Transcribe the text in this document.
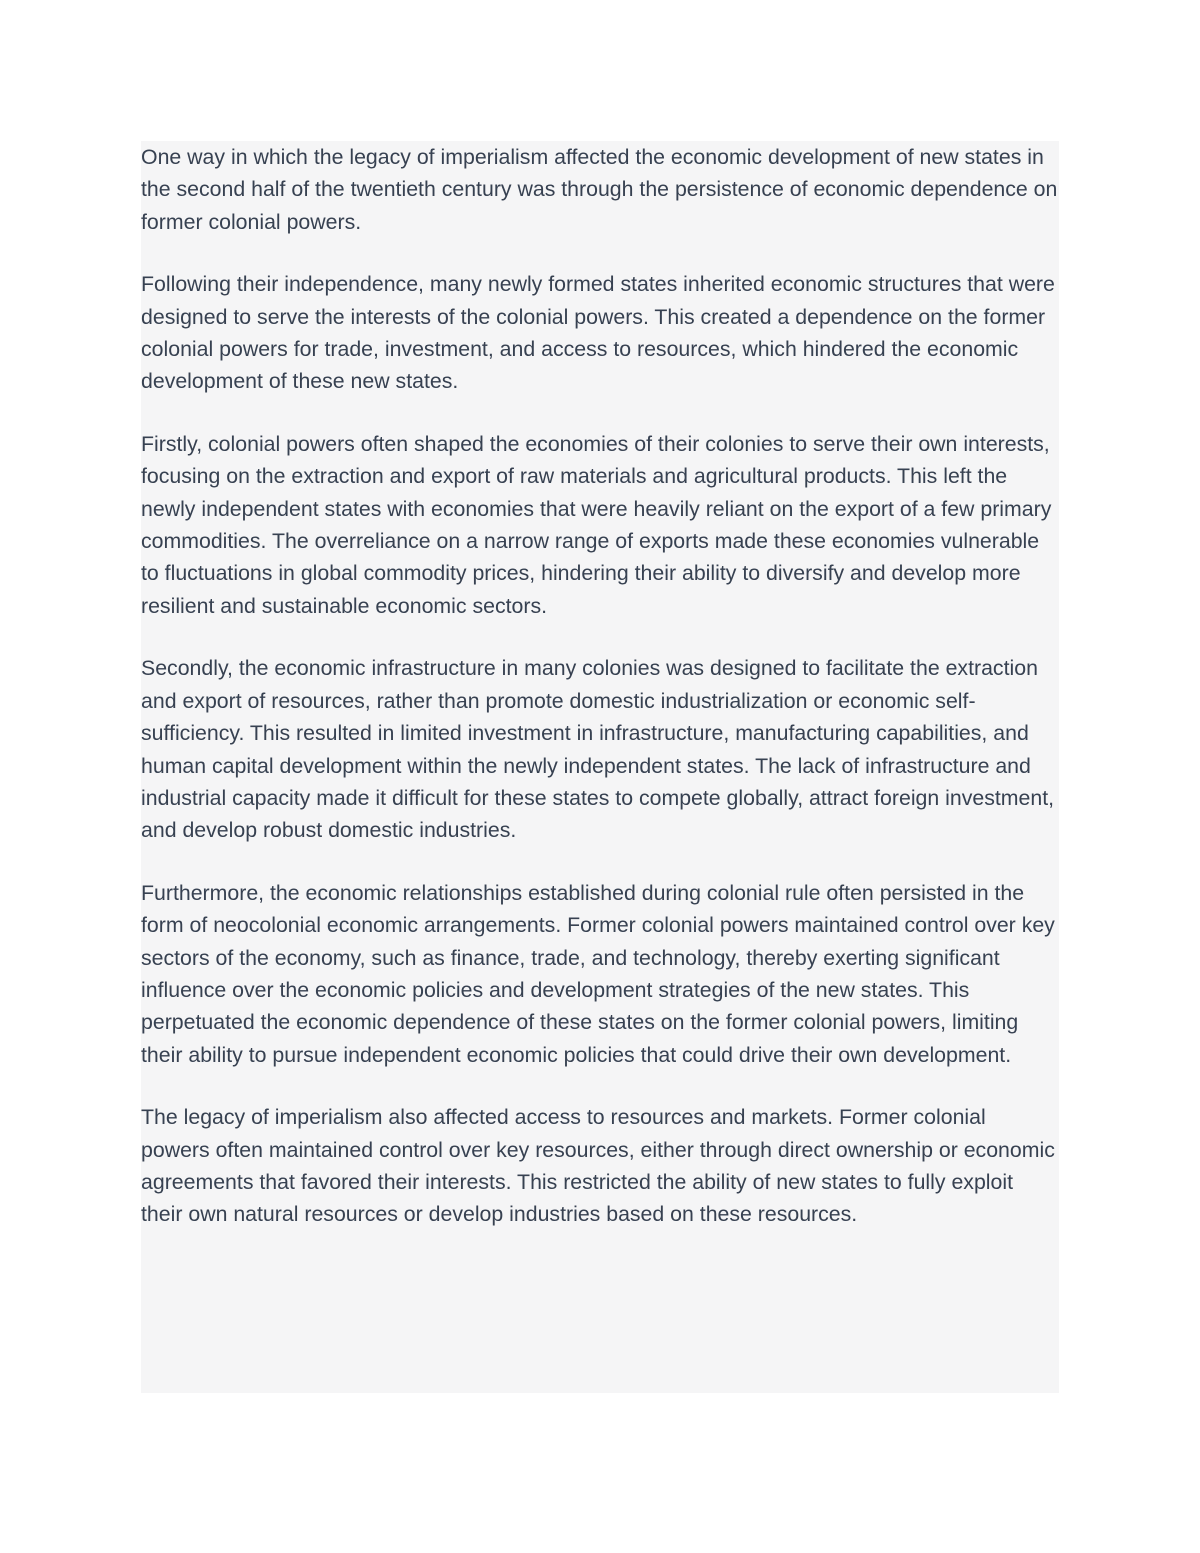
One way in which the legacy of imperialism affected the economic development of new states in the second half of the twentieth century was through the persistence of economic dependence on former colonial powers.

Following their independence, many newly formed states inherited economic structures that were designed to serve the interests of the colonial powers. This created a dependence on the former colonial powers for trade, investment, and access to resources, which hindered the economic development of these new states.

Firstly, colonial powers often shaped the economies of their colonies to serve their own interests, focusing on the extraction and export of raw materials and agricultural products. This left the newly independent states with economies that were heavily reliant on the export of a few primary commodities. The overreliance on a narrow range of exports made these economies vulnerable to fluctuations in global commodity prices, hindering their ability to diversify and develop more resilient and sustainable economic sectors.

Secondly, the economic infrastructure in many colonies was designed to facilitate the extraction and export of resources, rather than promote domestic industrialization or economic self-sufficiency. This resulted in limited investment in infrastructure, manufacturing capabilities, and human capital development within the newly independent states. The lack of infrastructure and industrial capacity made it difficult for these states to compete globally, attract foreign investment, and develop robust domestic industries.

Furthermore, the economic relationships established during colonial rule often persisted in the form of neocolonial economic arrangements. Former colonial powers maintained control over key sectors of the economy, such as finance, trade, and technology, thereby exerting significant influence over the economic policies and development strategies of the new states. This perpetuated the economic dependence of these states on the former colonial powers, limiting their ability to pursue independent economic policies that could drive their own development.

The legacy of imperialism also affected access to resources and markets. Former colonial powers often maintained control over key resources, either through direct ownership or economic agreements that favored their interests. This restricted the ability of new states to fully exploit their own natural resources or develop industries based on these resources.
